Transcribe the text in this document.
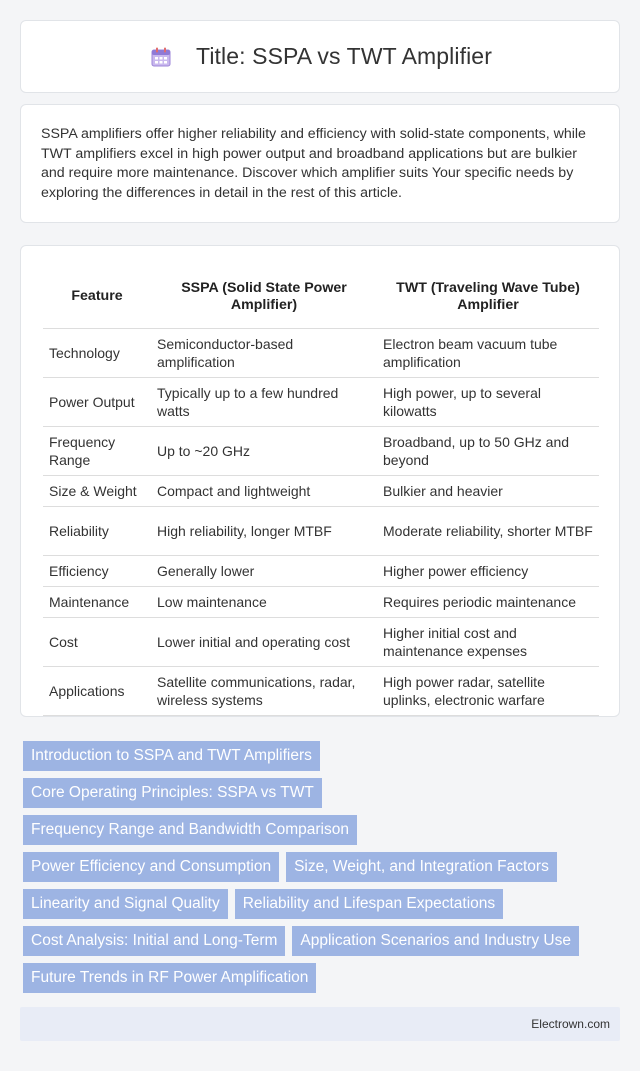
Title: SSPA vs TWT Amplifier

SSPA amplifiers offer higher reliability and efficiency with solid-state components, while TWT amplifiers excel in high power output and broadband applications but are bulkier and require more maintenance. Discover which amplifier suits Your specific needs by exploring the differences in detail in the rest of this article.

Feature	SSPA (Solid State Power Amplifier)	TWT (Traveling Wave Tube) Amplifier
Technology	Semiconductor-based amplification	Electron beam vacuum tube amplification
Power Output	Typically up to a few hundred watts	High power, up to several kilowatts
Frequency Range	Up to ~20 GHz	Broadband, up to 50 GHz and beyond
Size & Weight	Compact and lightweight	Bulkier and heavier
Reliability	High reliability, longer MTBF	Moderate reliability, shorter MTBF
Efficiency	Generally lower	Higher power efficiency
Maintenance	Low maintenance	Requires periodic maintenance
Cost	Lower initial and operating cost	Higher initial cost and maintenance expenses
Applications	Satellite communications, radar, wireless systems	High power radar, satellite uplinks, electronic warfare
Introduction to SSPA and TWT Amplifiers
Core Operating Principles: SSPA vs TWT
Frequency Range and Bandwidth Comparison
Power Efficiency and Consumption	Size, Weight, and Integration Factors
Linearity and Signal Quality	Reliability and Lifespan Expectations
Cost Analysis: Initial and Long-Term	Application Scenarios and Industry Use
Future Trends in RF Power Amplification
Electrown.com
